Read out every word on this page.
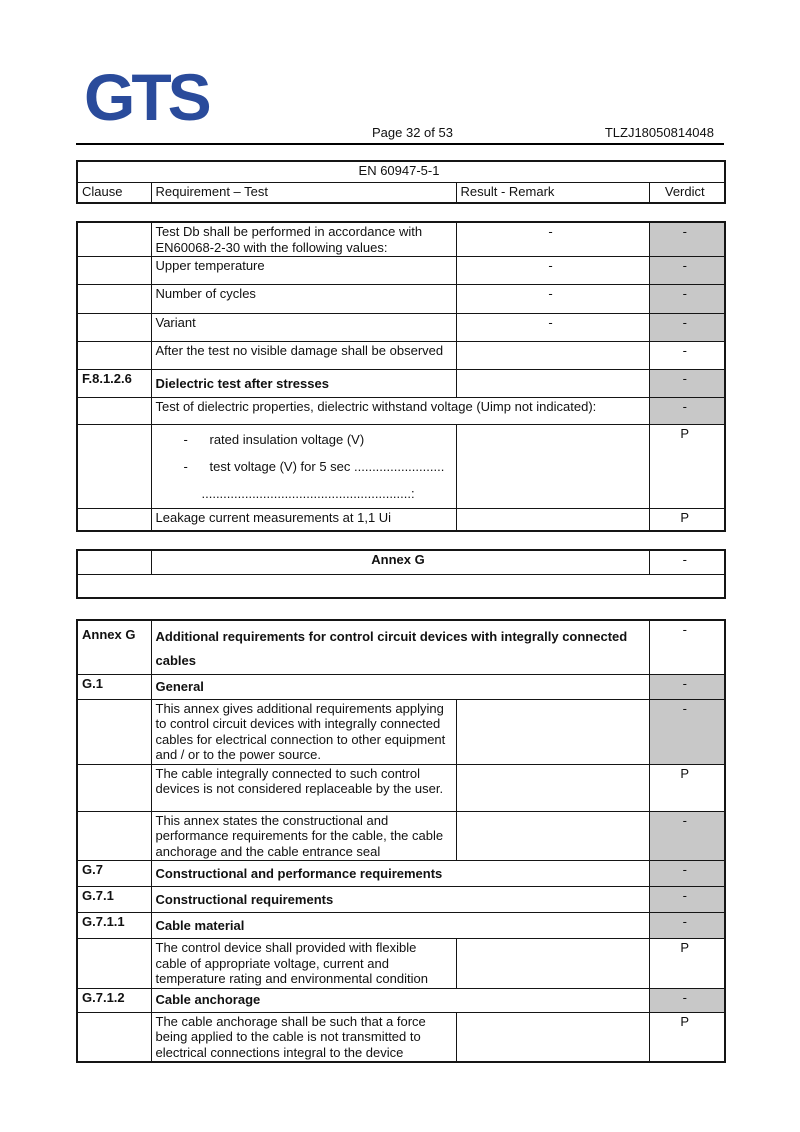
GTS	Page 32 of 53	TLZJ18050814048
EN 60947-5-1
Clause	Requirement – Test	Result - Remark	Verdict
	Test Db shall be performed in accordance with EN60068-2-30 with the following values:	-	-
	Upper temperature	-	-
	Number of cycles	-	-
	Variant	-	-
	After the test no visible damage shall be observed		-
F.8.1.2.6	Dielectric test after stresses		-
	Test of dielectric properties, dielectric withstand voltage (Uimp not indicated):		-

	- rated insulation voltage (V)
- test voltage (V) for 5 sec .........................
..........................................................:		P
	Leakage current measurements at 1,1 Ui		P
	Annex G	-

Annex G	Additional requirements for control circuit devices with integrally connected cables		-
G.1	General		-
	This annex gives additional requirements applying to control circuit devices with integrally connected cables for electrical connection to other equipment and / or to the power source.		-
	The cable integrally connected to such control devices is not considered replaceable by the user.		P
	This annex states the constructional and performance requirements for the cable, the cable anchorage and the cable entrance seal		-
G.7	Constructional and performance requirements		-
G.7.1	Constructional requirements		-
G.7.1.1	Cable material		-
	The control device shall provided with flexible cable of appropriate voltage, current and temperature rating and environmental condition		P
G.7.1.2	Cable anchorage		-
	The cable anchorage shall be such that a force being applied to the cable is not transmitted to electrical connections integral to the device		P
